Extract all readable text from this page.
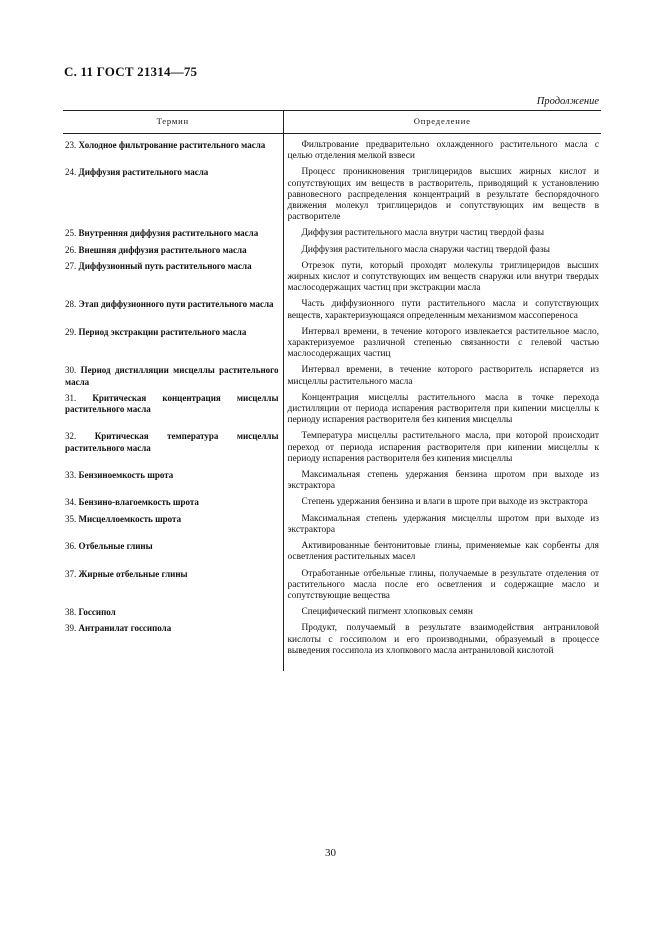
С. 11 ГОСТ 21314—75
Продолжение
Термин	Определение
23. Холодное фильтрование растительного масла	Фильтрование предварительно охлажденного растительного масла с целью отделения мелкой взвеси
24. Диффузия растительного масла	Процесс проникновения триглицеридов высших жирных кислот и сопутствующих им веществ в растворитель, приводящий к установлению равновесного распределения концентраций в результате беспорядочного движения молекул триглицеридов и сопутствующих им веществ в растворителе
25. Внутренняя диффузия растительного масла	Диффузия растительного масла внутри частиц твердой фазы
26. Внешняя диффузия растительного масла	Диффузия растительного масла снаружи частиц твердой фазы
27. Диффузионный путь растительного масла	Отрезок пути, который проходят молекулы триглицеридов высших жирных кислот и сопутствующих им веществ снаружи или внутри твердых маслосодержащих частиц при экстракции масла
28. Этап диффузионного пути растительного масла	Часть диффузионного пути растительного масла и сопутствующих веществ, характеризующаяся определенным механизмом массопереноса
29. Период экстракции растительного масла	Интервал времени, в течение которого извлекается растительное масло, характеризуемое различной степенью связанности с гелевой частью маслосодержащих частиц
30. Период дистилляции мисцеллы растительного масла	Интервал времени, в течение которого растворитель испаряется из мисцеллы растительного масла
31. Критическая концентрация мисцеллы растительного масла	Концентрация мисцеллы растительного масла в точке перехода дистилляции от периода испарения растворителя при кипении мисцеллы к периоду испарения растворителя без кипения мисцеллы
32. Критическая температура мисцеллы растительного масла	Температура мисцеллы растительного масла, при которой происходит переход от периода испарения растворителя при кипении мисцеллы к периоду испарения растворителя без кипения мисцеллы
33. Бензиноемкость шрота	Максимальная степень удержания бензина шротом при выходе из экстрактора
34. Бензино-влагоемкость шрота	Степень удержания бензина и влаги в шроте при выходе из экстрактора
35. Мисцеллоемкость шрота	Максимальная степень удержания мисцеллы шротом при выходе из экстрактора
36. Отбельные глины	Активированные бентонитовые глины, применяемые как сорбенты для осветления растительных масел
37. Жирные отбельные глины	Отработанные отбельные глины, получаемые в результате отделения от растительного масла после его осветления и содержащие масло и сопутствующие вещества
38. Госсипол	Специфический пигмент хлопковых семян
39. Антранилат госсипола	Продукт, получаемый в результате взаимодействия антраниловой кислоты с госсиполом и его производными, образуемый в процессе выведения госсипола из хлопкового масла антраниловой кислотой
30
